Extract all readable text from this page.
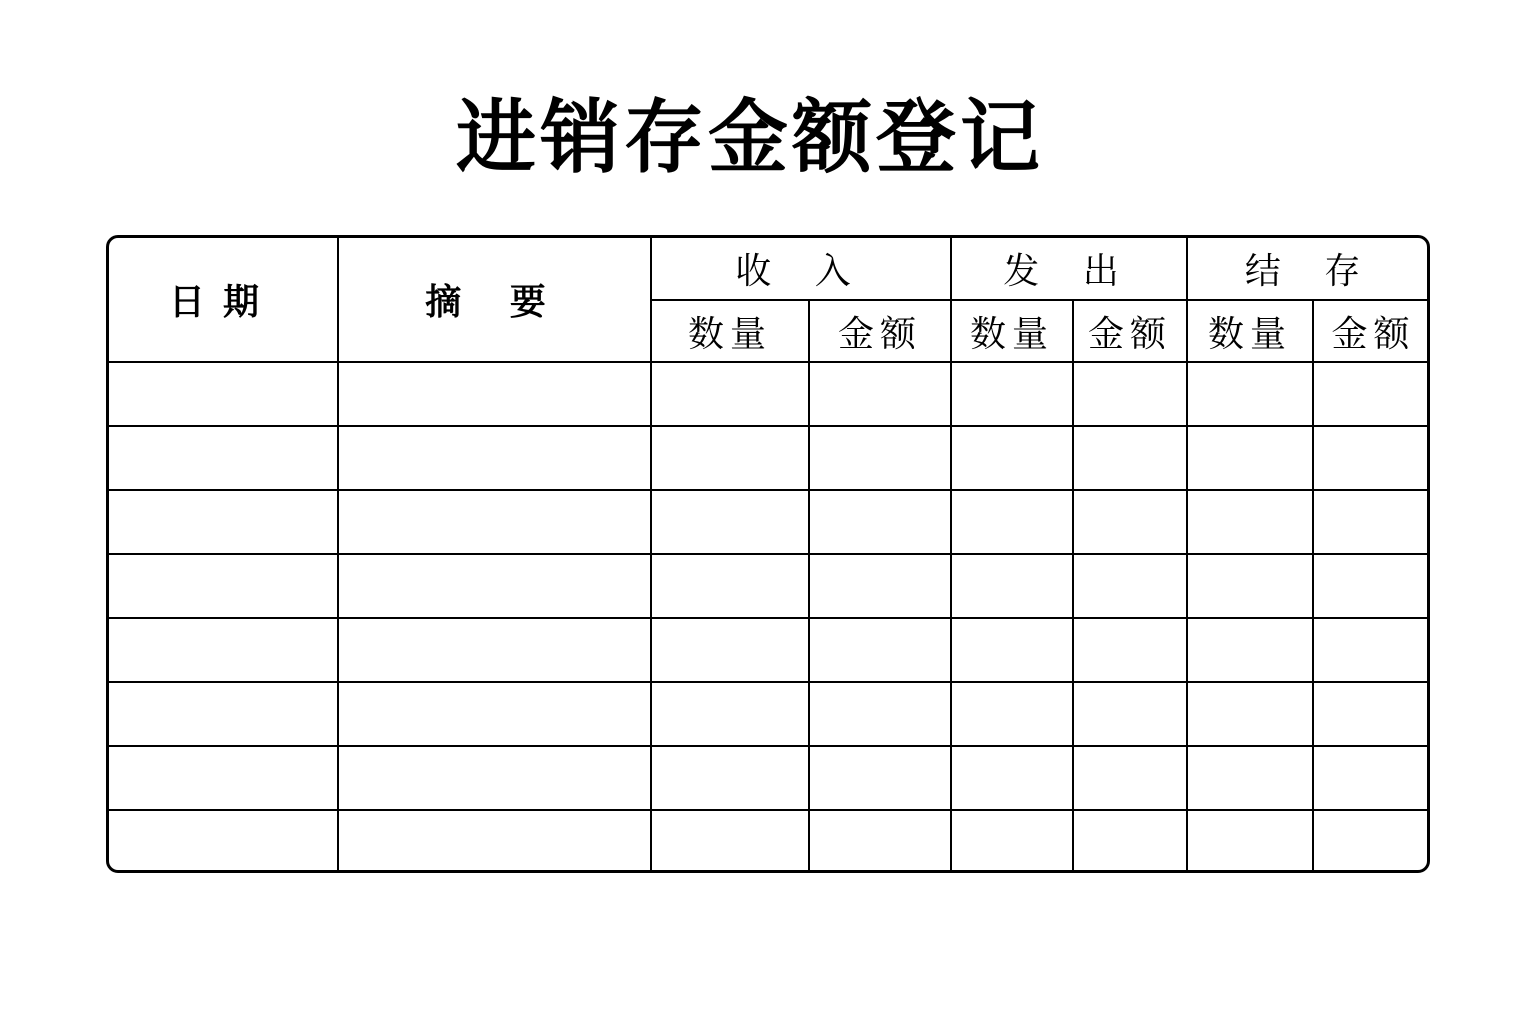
进销存金额登记
日期	摘 要	收 入		发 出		结 存	
		数量	金额	数量	金额	数量	金额
